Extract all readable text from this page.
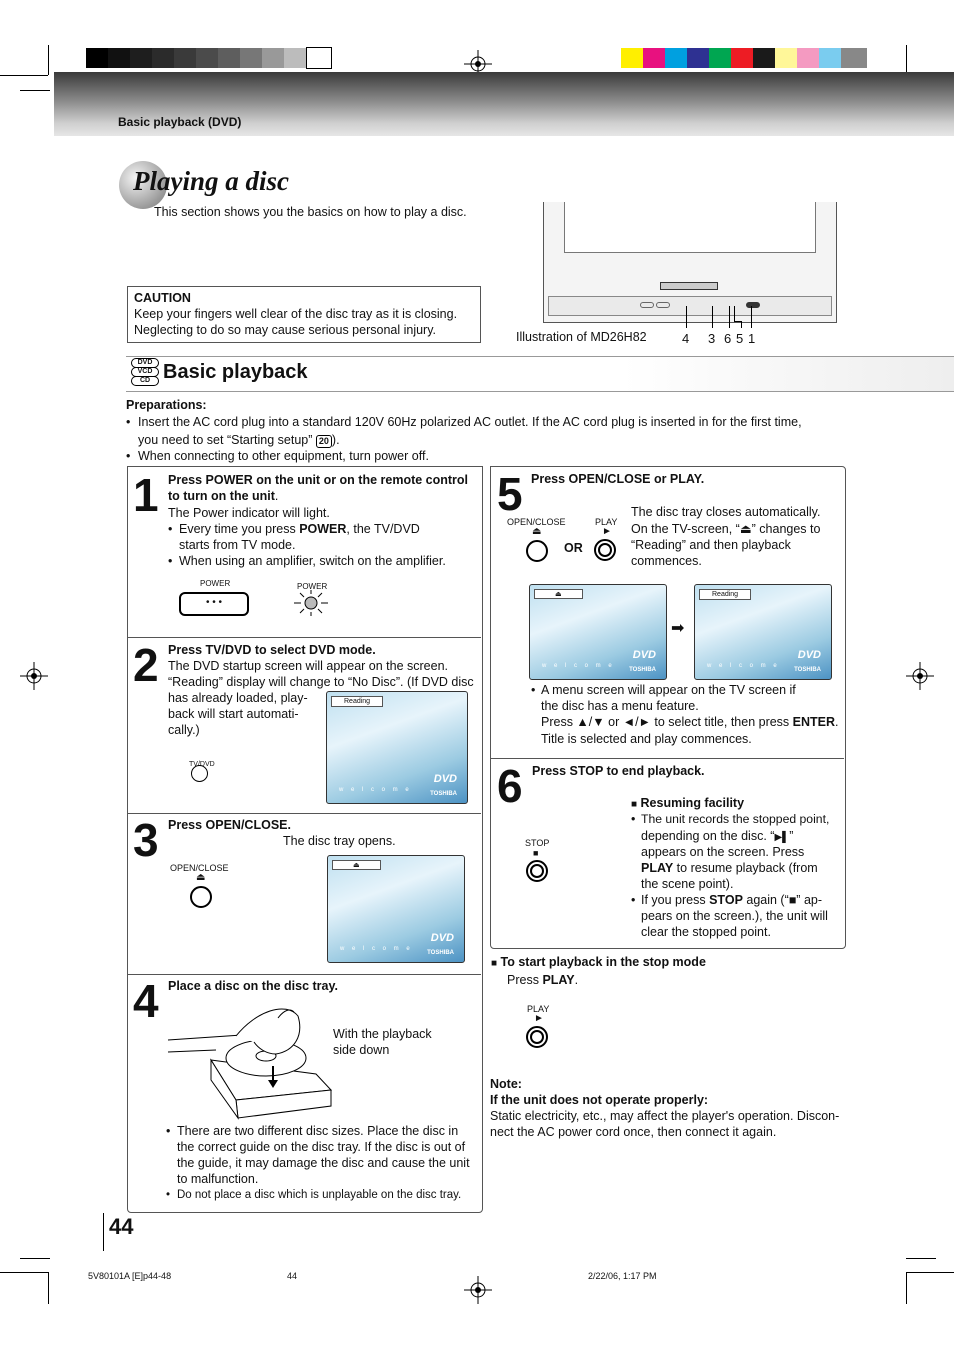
Basic playback (DVD)
Playing a disc
This section shows you the basics on how to play a disc.
Illustration of MD26H82	4 3 6 5 1
CAUTION
Keep your fingers well clear of the disc tray as it is closing.
Neglecting to do so may cause serious personal injury.
DVD
VCD
CD Basic playback
Preparations:
• Insert the AC cord plug into a standard 120V 60Hz polarized AC outlet. If the AC cord plug is inserted in for the first time,
you need to set “Starting setup” 20 ).
• When connecting to other equipment, turn power off.
1 Press POWER on the unit or on the remote control
to turn on the unit.
The Power indicator will light.
• Every time you press POWER, the TV/DVD
starts from TV mode.
• When using an amplifier, switch on the amplifier.
POWER
• • •
POWER
2 Press TV/DVD to select DVD mode.
The DVD startup screen will appear on the screen.
“Reading” display will change to “No Disc”. (If DVD disc
has already loaded, play-
back will start automati-
cally.)
TV/DVD
Reading
w e l c o m e
DVD
TOSHIBA
3 Press OPEN/CLOSE.
The disc tray opens.
OPEN/CLOSE
⏏
⏏
w e l c o m e
DVD
TOSHIBA
4 Place a disc on the disc tray.
With the playback
side down
• There are two different disc sizes. Place the disc in
the correct guide on the disc tray. If the disc is out of
the guide, it may damage the disc and cause the unit
to malfunction.
• Do not place a disc which is unplayable on the disc tray.
5 Press OPEN/CLOSE or PLAY.
The disc tray closes automatically.
On the TV-screen, “⏏” changes to
“Reading” and then playback
commences.
OPEN/CLOSE
⏏
OR
PLAY
►
⏏
w e l c o m e
DVD
TOSHIBA
➡
Reading
w e l c o m e
DVD
TOSHIBA
• A menu screen will appear on the TV screen if
the disc has a menu feature.
Press ▲/▼ or ◄/► to select title, then press ENTER.
Title is selected and play commences.
6 Press STOP to end playback.
STOP
■
■ Resuming facility
• The unit records the stopped point,
depending on the disc. “▶▌”
appears on the screen. Press
PLAY to resume playback (from
the scene point).
• If you press STOP again (“■” ap-
pears on the screen.), the unit will
clear the stopped point.
■ To start playback in the stop mode
Press PLAY.
PLAY
►
Note:
If the unit does not operate properly:
Static electricity, etc., may affect the player's operation. Discon-
nect the AC power cord once, then connect it again.
44
5V80101A [E]p44-48	44	2/22/06, 1:17 PM
